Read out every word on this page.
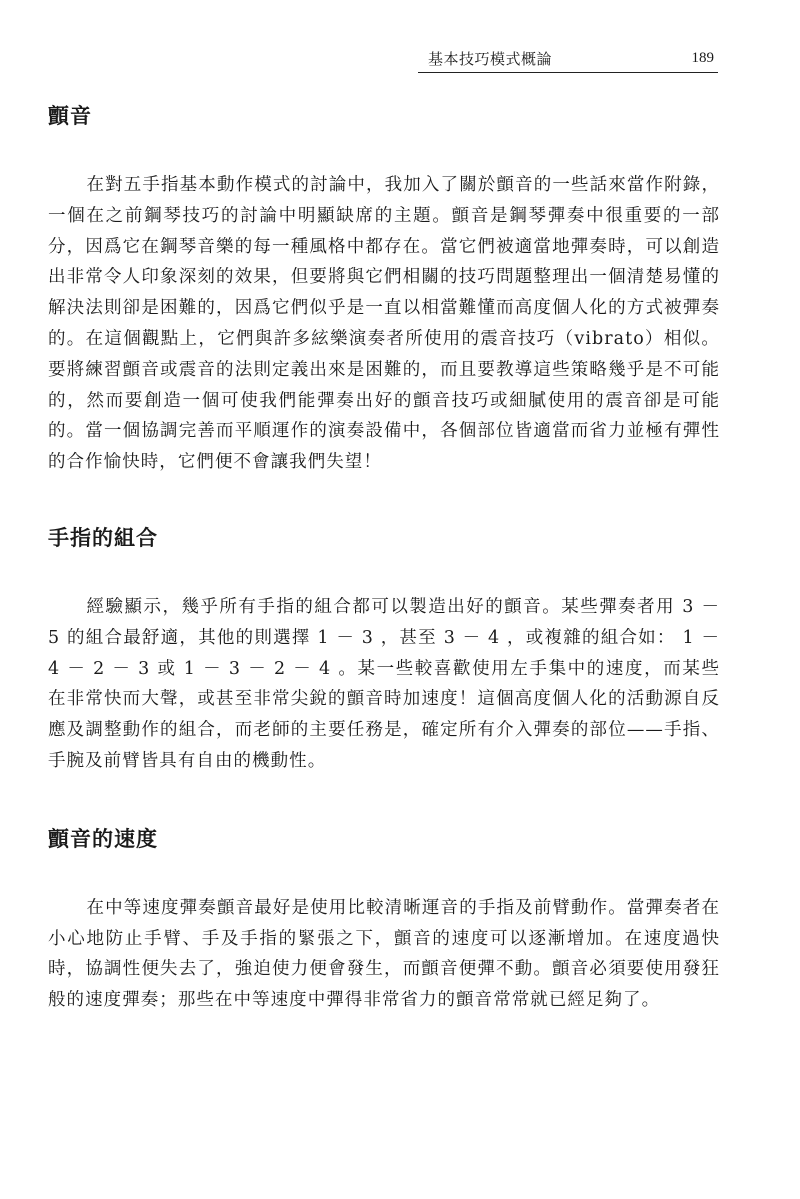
基本技巧模式概論	189
顫音

在對五手指基本動作模式的討論中，我加入了關於顫音的一些話來當作附錄，一個在之前鋼琴技巧的討論中明顯缺席的主題。顫音是鋼琴彈奏中很重要的一部分，因爲它在鋼琴音樂的每一種風格中都存在。當它們被適當地彈奏時，可以創造出非常令人印象深刻的效果，但要將與它們相關的技巧問題整理出一個清楚易懂的解決法則卻是困難的，因爲它們似乎是一直以相當難懂而高度個人化的方式被彈奏的。在這個觀點上，它們與許多絃樂演奏者所使用的震音技巧（vibrato）相似。要將練習顫音或震音的法則定義出來是困難的，而且要教導這些策略幾乎是不可能的，然而要創造一個可使我們能彈奏出好的顫音技巧或細膩使用的震音卻是可能的。當一個協調完善而平順運作的演奏設備中，各個部位皆適當而省力並極有彈性的合作愉快時，它們便不會讓我們失望！

手指的組合

經驗顯示，幾乎所有手指的組合都可以製造出好的顫音。某些彈奏者用 3 － 5 的組合最舒適，其他的則選擇 1 － 3 ，甚至 3 － 4 ，或複雜的組合如： 1 － 4 － 2 － 3 或 1 － 3 － 2 － 4 。某一些較喜歡使用左手集中的速度，而某些在非常快而大聲，或甚至非常尖銳的顫音時加速度！這個高度個人化的活動源自反應及調整動作的組合，而老師的主要任務是，確定所有介入彈奏的部位——手指、手腕及前臂皆具有自由的機動性。

顫音的速度

在中等速度彈奏顫音最好是使用比較清晰運音的手指及前臂動作。當彈奏者在小心地防止手臂、手及手指的緊張之下，顫音的速度可以逐漸增加。在速度過快時，協調性便失去了，強迫使力便會發生，而顫音便彈不動。顫音必須要使用發狂般的速度彈奏；那些在中等速度中彈得非常省力的顫音常常就已經足夠了。
